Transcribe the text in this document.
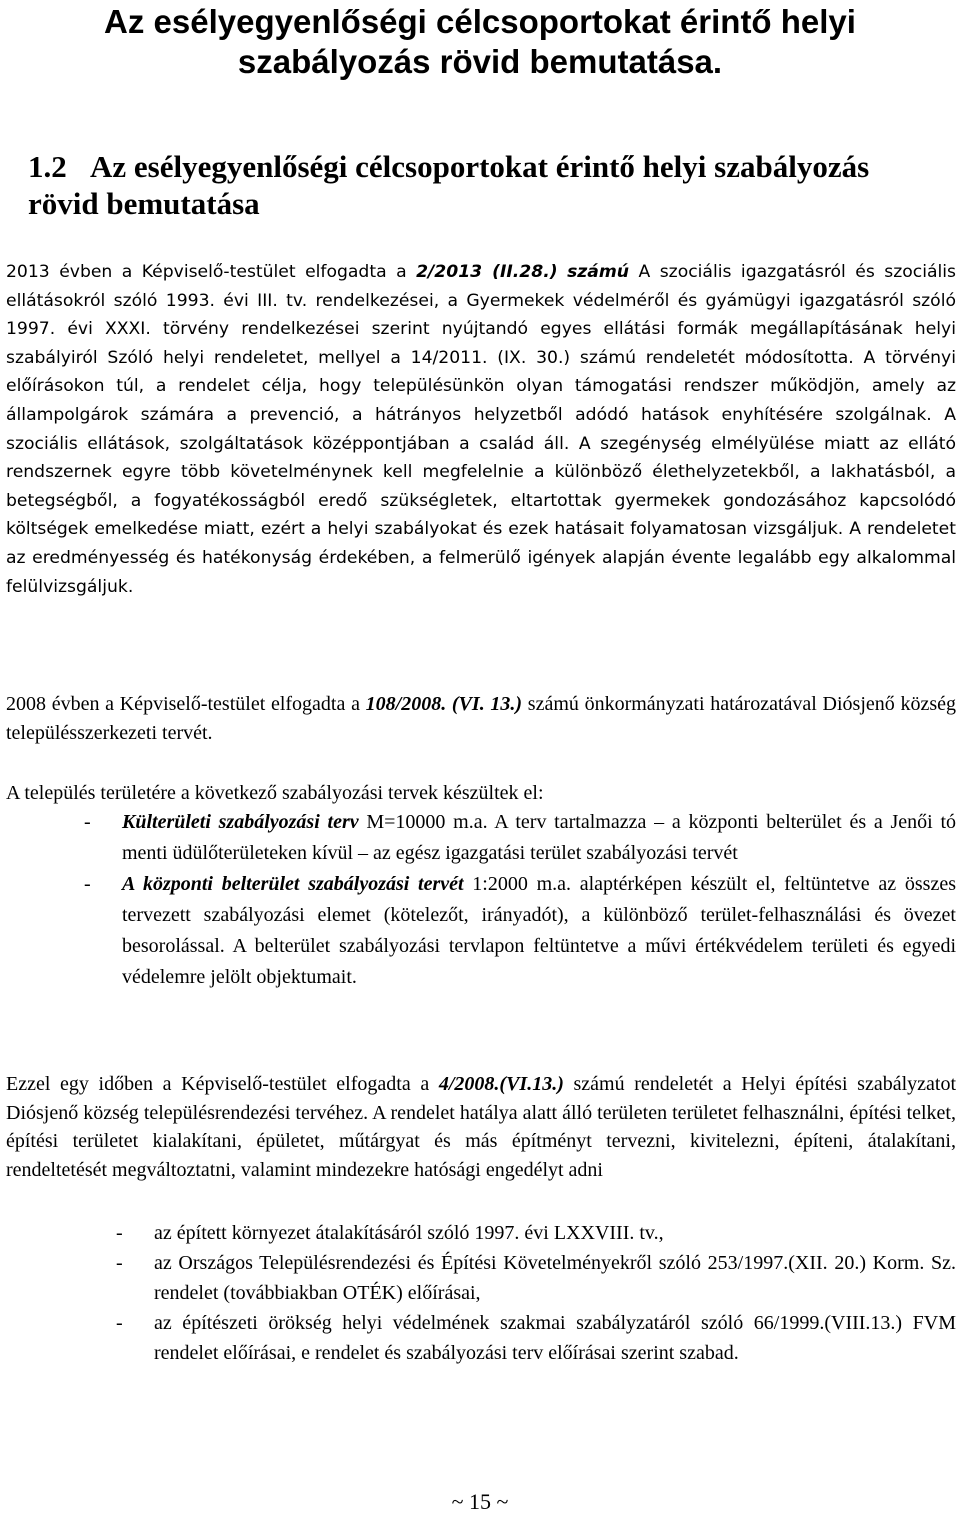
Az esélyegyenlőségi célcsoportokat érintő helyi
szabályozás rövid bemutatása.
1.2 Az esélyegyenlőségi célcsoportokat érintő helyi szabályozás
rövid bemutatása

2013 évben a Képviselő-testület elfogadta a 2/2013 (II.28.) számú A szociális igazgatásról és szociális ellátásokról szóló 1993. évi III. tv. rendelkezései, a Gyermekek védelméről és gyámügyi igazgatásról szóló 1997. évi XXXI. törvény rendelkezései szerint nyújtandó egyes ellátási formák megállapításának helyi szabályiról Szóló helyi rendeletet, mellyel a 14/2011. (IX. 30.) számú rendeletét módosította. A törvényi előírásokon túl, a rendelet célja, hogy településünkön olyan támogatási rendszer működjön, amely az állampolgárok számára a prevenció, a hátrányos helyzetből adódó hatások enyhítésére szolgálnak. A szociális ellátások, szolgáltatások középpontjában a család áll. A szegénység elmélyülése miatt az ellátó rendszernek egyre több követelménynek kell megfelelnie a különböző élethelyzetekből, a lakhatásból, a betegségből, a fogyatékosságból eredő szükségletek, eltartottak gyermekek gondozásához kapcsolódó költségek emelkedése miatt, ezért a helyi szabályokat és ezek hatásait folyamatosan vizsgáljuk. A rendeletet az eredményesség és hatékonyság érdekében, a felmerülő igények alapján évente legalább egy alkalommal felülvizsgáljuk.

2008 évben a Képviselő-testület elfogadta a 108/2008. (VI. 13.) számú önkormányzati határozatával Diósjenő község településszerkezeti tervét.

A település területére a következő szabályozási tervek készültek el:

- Külterületi szabályozási terv M=10000 m.a. A terv tartalmazza – a központi belterület és a Jenői tó menti üdülőterületeken kívül – az egész igazgatási terület szabályozási tervét
- A központi belterület szabályozási tervét 1:2000 m.a. alaptérképen készült el, feltüntetve az összes tervezett szabályozási elemet (kötelezőt, irányadót), a különböző terület-felhasználási és övezet besorolással. A belterület szabályozási tervlapon feltüntetve a művi értékvédelem területi és egyedi védelemre jelölt objektumait.

Ezzel egy időben a Képviselő-testület elfogadta a 4/2008.(VI.13.) számú rendeletét a Helyi építési szabályzatot Diósjenő község településrendezési tervéhez. A rendelet hatálya alatt álló területen területet felhasználni, építési telket, építési területet kialakítani, épületet, műtárgyat és más építményt tervezni, kivitelezni, építeni, átalakítani, rendeltetését megváltoztatni, valamint mindezekre hatósági engedélyt adni

- az épített környezet átalakításáról szóló 1997. évi LXXVIII. tv.,
- az Országos Településrendezési és Építési Követelményekről szóló 253/1997.(XII. 20.) Korm. Sz. rendelet (továbbiakban OTÉK) előírásai,
- az építészeti örökség helyi védelmének szakmai szabályzatáról szóló 66/1999.(VIII.13.) FVM rendelet előírásai, e rendelet és szabályozási terv előírásai szerint szabad.
~ 15 ~
